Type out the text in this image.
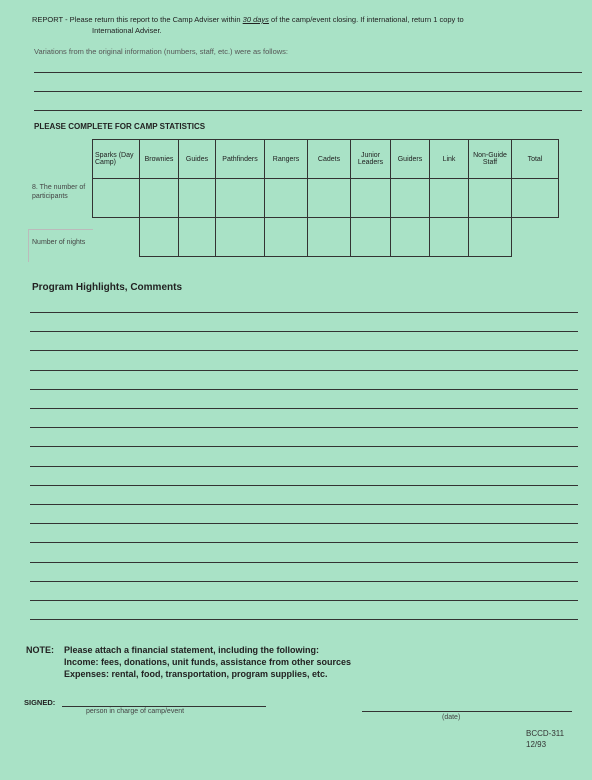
REPORT - Please return this report to the Camp Adviser within 30 days of the camp/event closing. If international, return 1 copy to
International Adviser.
Variations from the original information (numbers, staff, etc.) were as follows:
PLEASE COMPLETE FOR CAMP STATISTICS
8. The number of participants
Number of nights
Sparks (Day Camp)	Brownies	Guides	Pathfinders	Rangers	Cadets	Junior Leaders	Guiders	Link	Non-Guide Staff	Total

Program Highlights, Comments
NOTE: Please attach a financial statement, including the following:
Income: fees, donations, unit funds, assistance from other sources
Expenses: rental, food, transportation, program supplies, etc.
SIGNED:
person in charge of camp/event
(date)
BCCD-311
12/93
